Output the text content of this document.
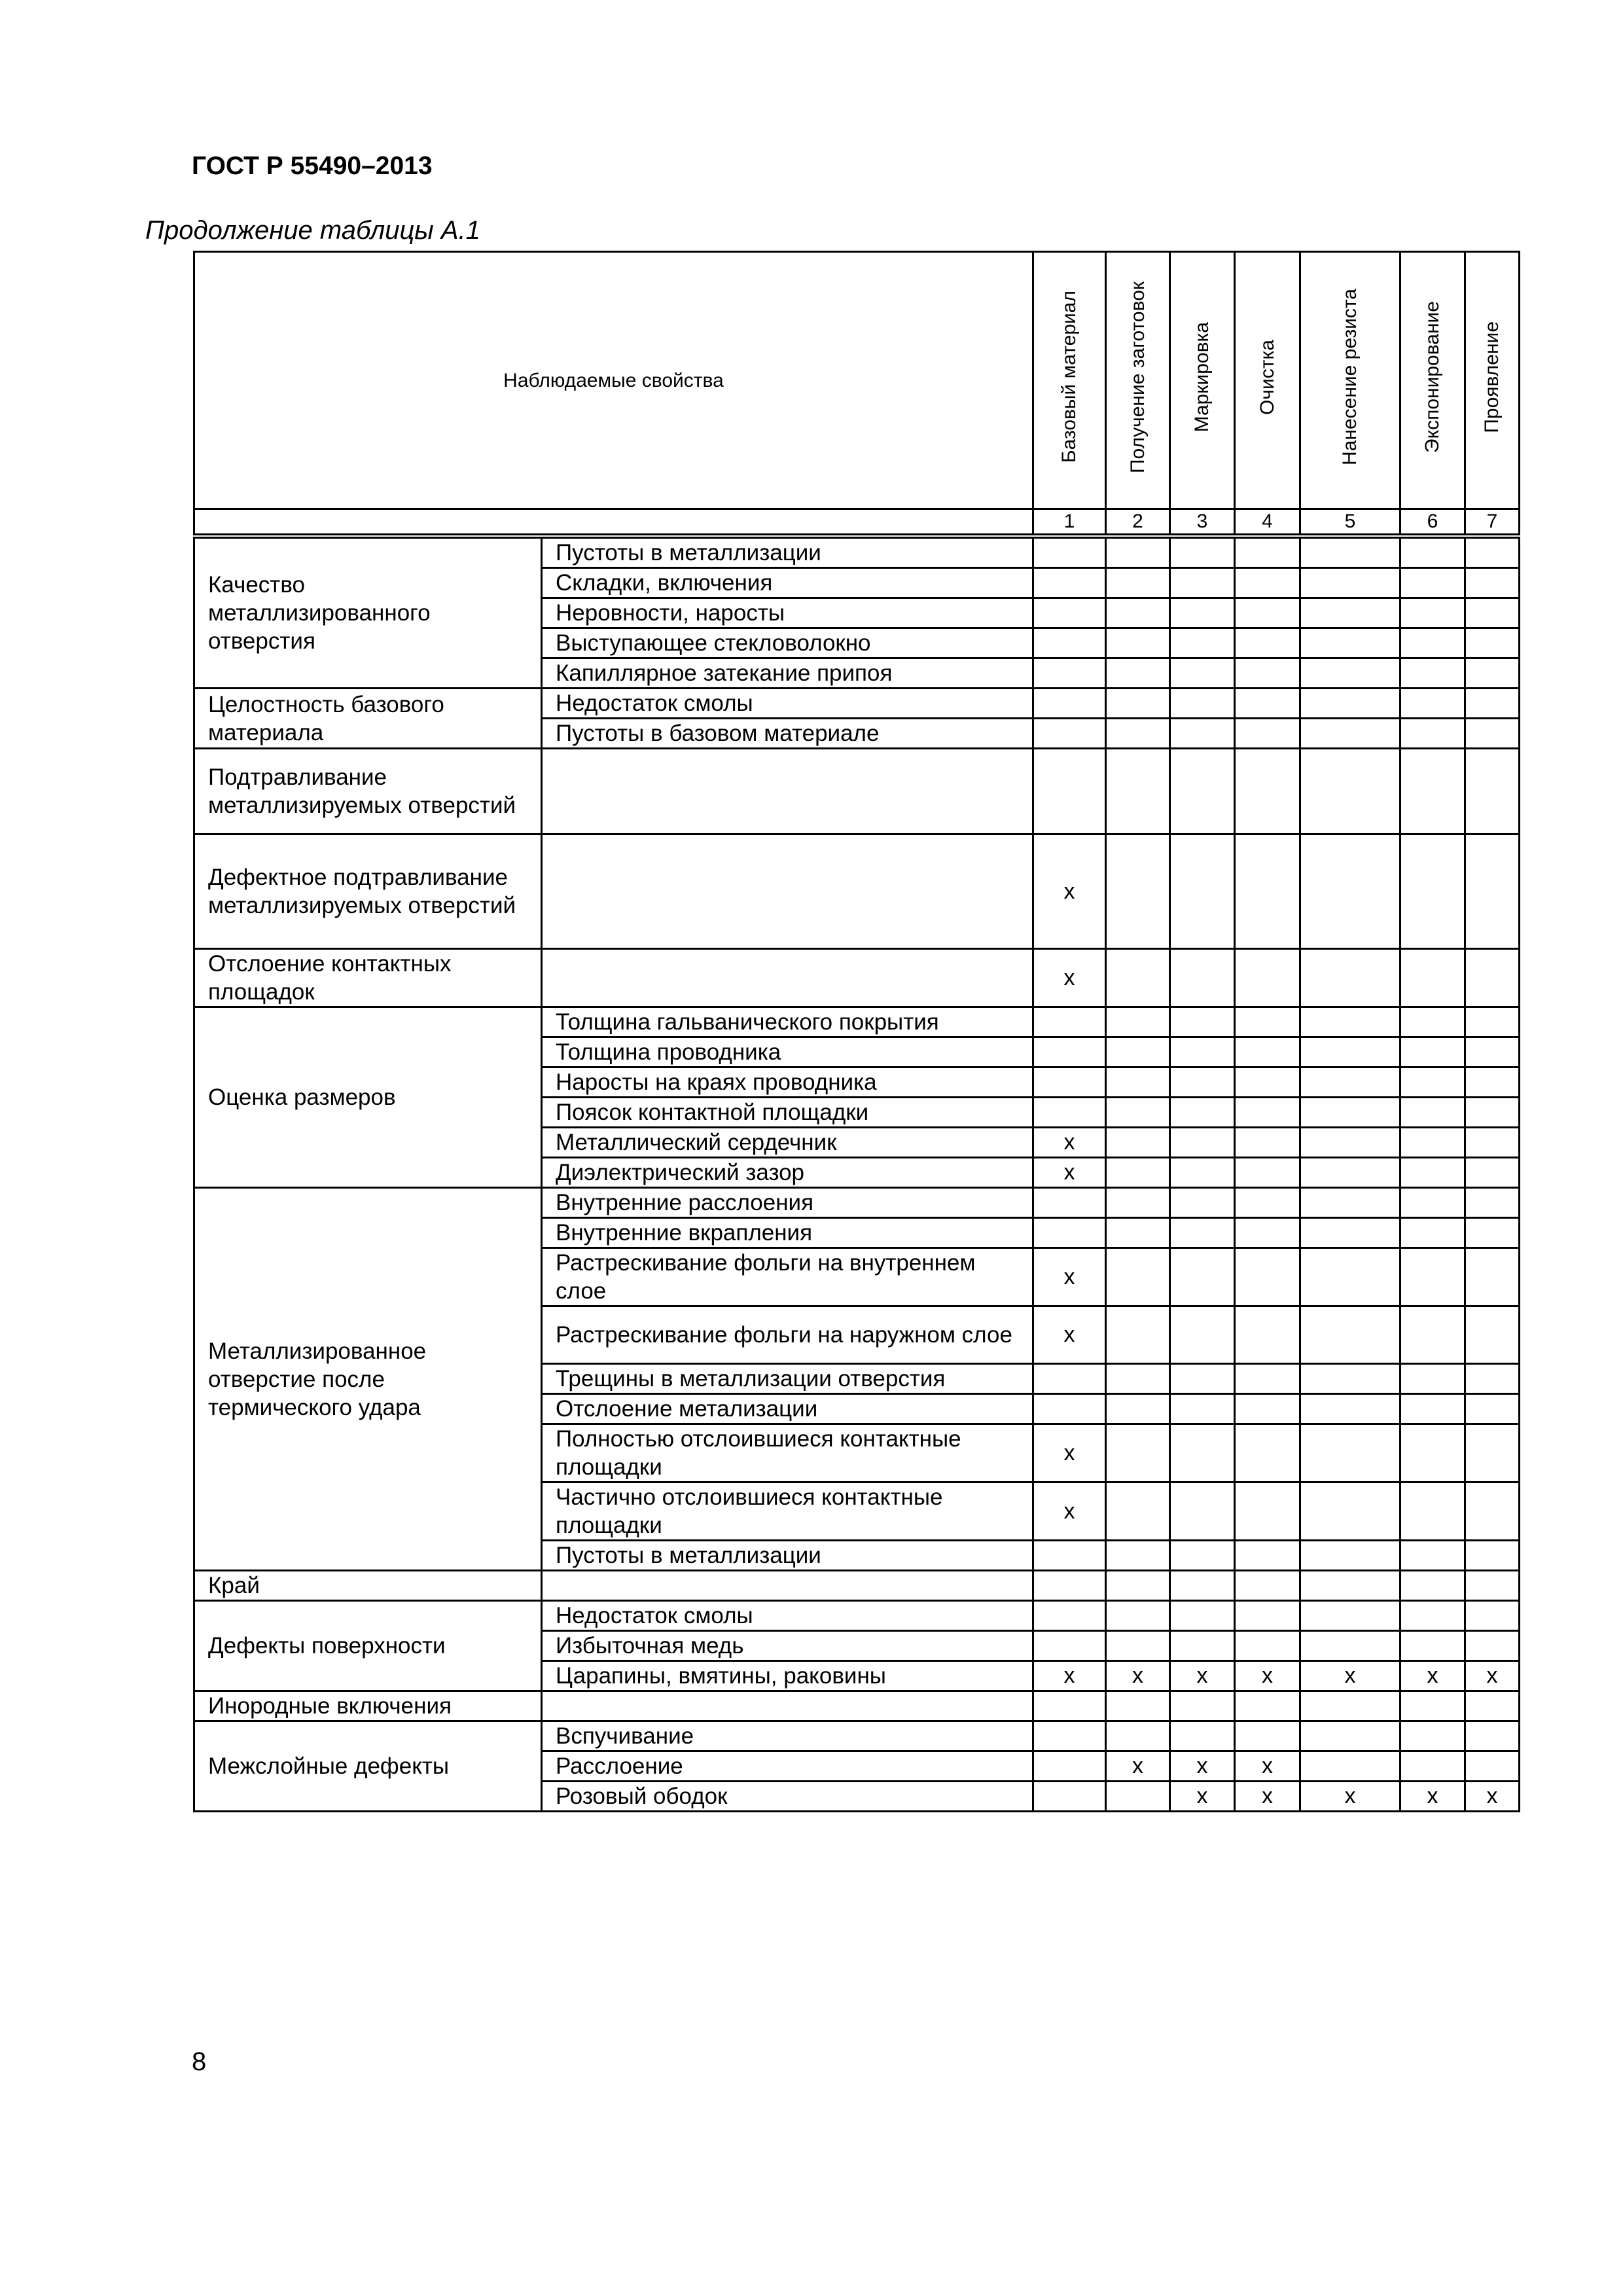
ГОСТ Р 55490–2013

Продолжение таблицы А.1

Наблюдаемые свойства		Базовый материал	Получение заготовок	Маркировка	Очистка	Нанесение резиста	Экспонирование	Проявление
		1	2	3	4	5	6	7
Качество металлизированного отверстия	Пустоты в металлизации							
	Складки, включения							
	Неровности, наросты							
	Выступающее стекловолокно							
	Капиллярное затекание припоя							
Целостность базового материала	Недостаток смолы							
	Пустоты в базовом материале							
Подтравливание металлизируемых отверстий								
Дефектное подтравливание металлизируемых отверстий		x						
Отслоение контактных площадок		x						
Оценка размеров	Толщина гальванического покрытия							
	Толщина проводника							
	Наросты на краях проводника							
	Поясок контактной площадки							
	Металлический сердечник	x						
	Диэлектрический зазор	x						
Металлизированное отверстие после термического удара	Внутренние расслоения							
	Внутренние вкрапления							
	Растрескивание фольги на внутреннем слое	x						
	Растрескивание фольги на наружном слое	x						
	Трещины в металлизации отверстия							
	Отслоение метализации							
	Полностью отслоившиеся контактные площадки	x						
	Частично отслоившиеся контактные площадки	x						
	Пустоты в металлизации							
Край								
Дефекты поверхности	Недостаток смолы							
	Избыточная медь							
	Царапины, вмятины, раковины	x	x	x	x	x	x	x
Инородные включения								
Межслойные дефекты	Вспучивание							
	Расслоение		x	x	x			
	Розовый ободок			x	x	x	x	x
8
